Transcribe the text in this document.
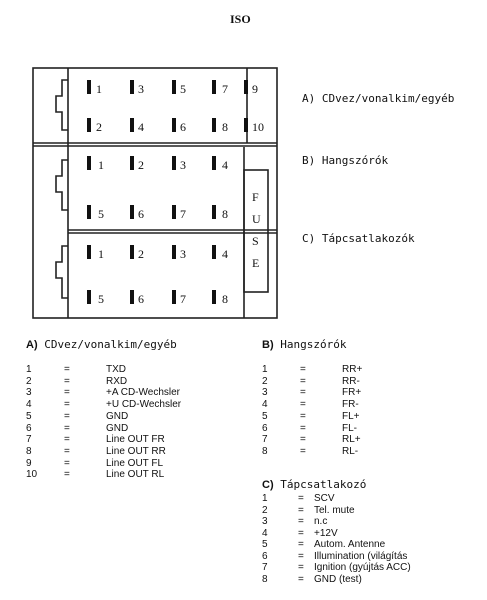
ISO
1	3	5	7 9
2	4	6	8 10
1	2	3	4
5	6	7	8
1	2	3	4
5	6	7	8
F
U
S
E
A) CDvez/vonalkim/egyéb
B) Hangszórók
C) Tápcsatlakozók
A) CDvez/vonalkim/egyéb
1	=	TXD
2	=	RXD
3	=	+A CD-Wechsler
4	=	+U CD-Wechsler
5	=	GND
6	=	GND
7	=	Line OUT FR
8	=	Line OUT RR
9	=	Line OUT FL
10	=	Line OUT RL
B) Hangszórók
1	=	RR+
2	=	RR-
3	=	FR+
4	=	FR-
5	=	FL+
6	=	FL-
7	=	RL+
8	=	RL-
C) Tápcsatlakozó
1	= SCV
2	= Tel. mute
3	= n.c
4	= +12V
5	= Autom. Antenne
6	= Illumination (világítás
7	= Ignition (gyújtás ACC)
8	= GND (test)
